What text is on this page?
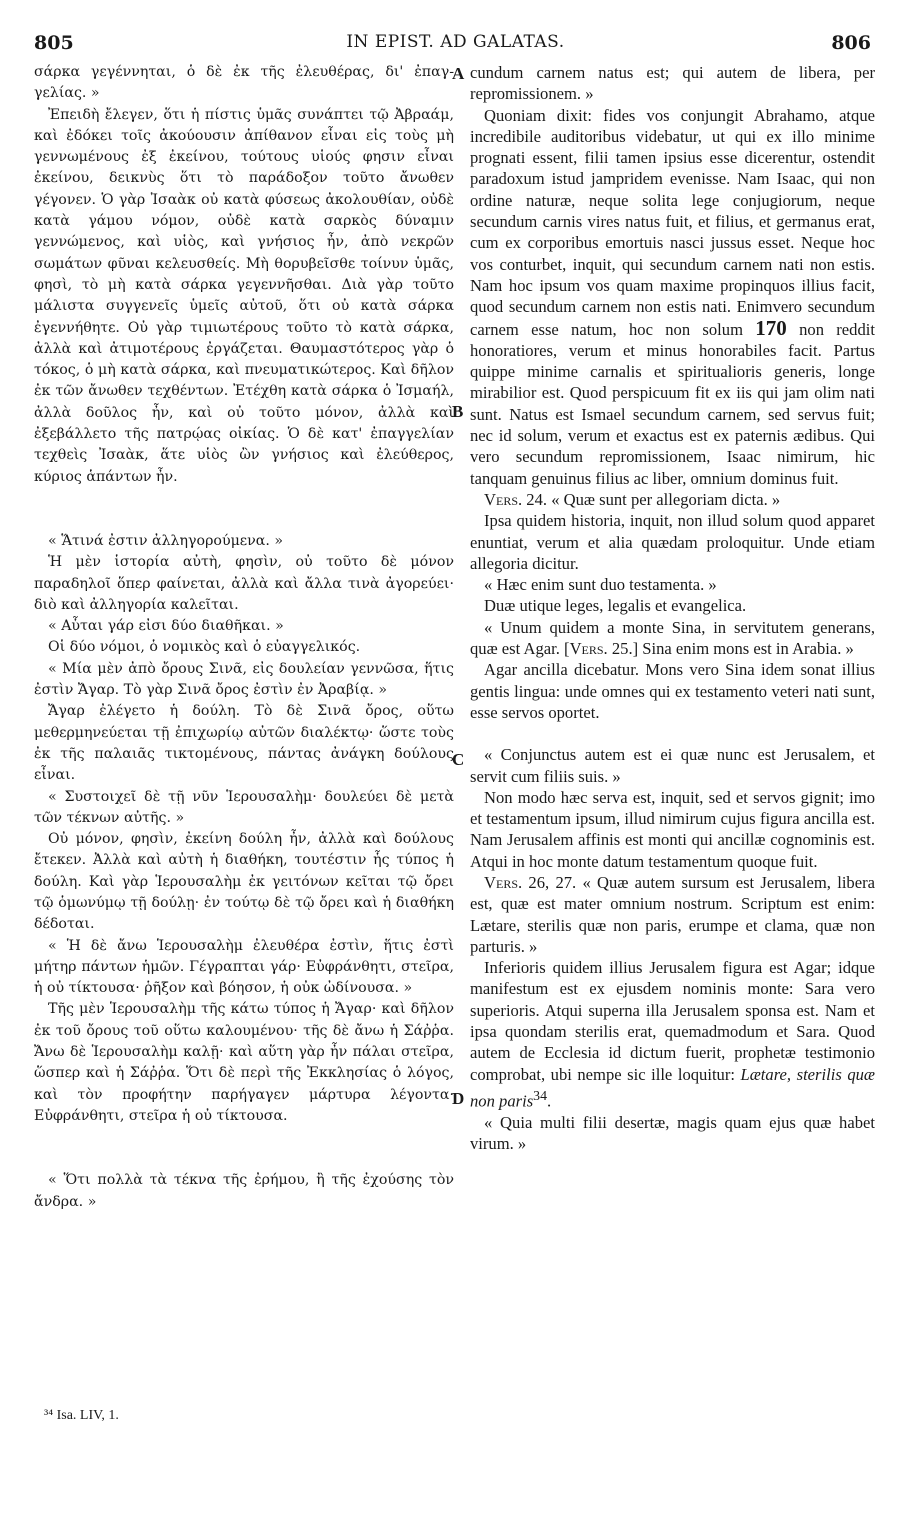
805	IN EPIST. AD GALATAS.	806

σάρκα γεγέννηται, ὁ δὲ ἐκ τῆς ἐλευθέρας, δι' ἐπαγ-γελίας. »

Ἐπειδὴ ἔλεγεν, ὅτι ἡ πίστις ὑμᾶς συνάπτει τῷ Ἀβραάμ, καὶ ἐδόκει τοῖς ἀκούουσιν ἀπίθανον εἶναι εἰς τοὺς μὴ γεννωμένους ἐξ ἐκείνου, τούτους υἱούς φησιν εἶναι ἐκείνου, δεικνὺς ὅτι τὸ παράδοξον τοῦτο ἄνωθεν γέγονεν. Ὁ γὰρ Ἰσαὰκ οὐ κατὰ φύσεως ἀκολουθίαν, οὐδὲ κατὰ γάμου νόμον, οὐδὲ κατὰ σαρκὸς δύναμιν γεννώμενος, καὶ υἱὸς, καὶ γνήσιος ἦν, ἀπὸ νεκρῶν σωμάτων φῦναι κελευσθείς. Μὴ θορυβεῖσθε τοίνυν ὑμᾶς, φησὶ, τὸ μὴ κατὰ σάρκα γεγεννῆσθαι. Διὰ γὰρ τοῦτο μάλιστα συγγενεῖς ὑμεῖς αὐτοῦ, ὅτι οὐ κατὰ σάρκα ἐγεννήθητε. Οὐ γὰρ τιμιωτέρους τοῦτο τὸ κατὰ σάρκα, ἀλλὰ καὶ ἀτιμοτέρους ἐργάζεται. Θαυμαστότερος γὰρ ὁ τόκος, ὁ μὴ κατὰ σάρκα, καὶ πνευματικώτερος. Καὶ δῆλον ἐκ τῶν ἄνωθεν τεχθέντων. Ἐτέχθη κατὰ σάρκα ὁ Ἰσμαήλ, ἀλλὰ δοῦλος ἦν, καὶ οὐ τοῦτο μόνον, ἀλλὰ καὶ ἐξεβάλλετο τῆς πατρῴας οἰκίας. Ὁ δὲ κατ' ἐπαγγελίαν τεχθεὶς Ἰσαὰκ, ἅτε υἱὸς ὢν γνήσιος καὶ ἐλεύθερος, κύριος ἁπάντων ἦν.

« Ἅτινά ἐστιν ἀλληγορούμενα. »

Ἡ μὲν ἱστορία αὐτὴ, φησὶν, οὐ τοῦτο δὲ μόνον παραδηλοῖ ὅπερ φαίνεται, ἀλλὰ καὶ ἄλλα τινὰ ἀγορεύει· διὸ καὶ ἀλληγορία καλεῖται.

« Αὗται γάρ εἰσι δύο διαθῆκαι. »

Οἱ δύο νόμοι, ὁ νομικὸς καὶ ὁ εὐαγγελικός.

« Μία μὲν ἀπὸ ὄρους Σινᾶ, εἰς δουλείαν γεννῶσα, ἥτις ἐστὶν Ἄγαρ. Τὸ γὰρ Σινᾶ ὄρος ἐστὶν ἐν Ἀραβίᾳ. »

Ἄγαρ ἐλέγετο ἡ δούλη. Τὸ δὲ Σινᾶ ὄρος, οὕτω μεθερμηνεύεται τῇ ἐπιχωρίῳ αὐτῶν διαλέκτῳ· ὥστε τοὺς ἐκ τῆς παλαιᾶς τικτομένους, πάντας ἀνάγκη δούλους εἶναι.

« Συστοιχεῖ δὲ τῇ νῦν Ἱερουσαλὴμ· δουλεύει δὲ μετὰ τῶν τέκνων αὐτῆς. »

Οὐ μόνον, φησὶν, ἐκείνη δούλη ἦν, ἀλλὰ καὶ δούλους ἔτεκεν. Ἀλλὰ καὶ αὐτὴ ἡ διαθήκη, τουτέστιν ἧς τύπος ἡ δούλη. Καὶ γὰρ Ἱερουσαλὴμ ἐκ γειτόνων κεῖται τῷ ὄρει τῷ ὁμωνύμῳ τῇ δούλῃ· ἐν τούτῳ δὲ τῷ ὄρει καὶ ἡ διαθήκη δέδοται.

« Ἡ δὲ ἄνω Ἱερουσαλὴμ ἐλευθέρα ἐστὶν, ἥτις ἐστὶ μήτηρ πάντων ἡμῶν. Γέγραπται γάρ· Εὐφράνθητι, στεῖρα, ἡ οὐ τίκτουσα· ῥῆξον καὶ βόησον, ἡ οὐκ ὠδίνουσα. »

Τῆς μὲν Ἱερουσαλὴμ τῆς κάτω τύπος ἡ Ἄγαρ· καὶ δῆλον ἐκ τοῦ ὄρους τοῦ οὕτω καλουμένου· τῆς δὲ ἄνω ἡ Σάῤῥα. Ἄνω δὲ Ἱερουσαλὴμ καλῇ· καὶ αὕτη γὰρ ἦν πάλαι στεῖρα, ὥσπερ καὶ ἡ Σάῤῥα. Ὅτι δὲ περὶ τῆς Ἐκκλησίας ὁ λόγος, καὶ τὸν προφήτην παρήγαγεν μάρτυρα λέγοντα· Εὐφράνθητι, στεῖρα ἡ οὐ τίκτουσα.

« Ὅτι πολλὰ τὰ τέκνα τῆς ἐρήμου, ἢ τῆς ἐχούσης τὸν ἄνδρα. »

A
B
C
D

cundum carnem natus est; qui autem de libera, per repromissionem. »

Quoniam dixit: fides vos conjungit Abrahamo, atque incredibile auditoribus videbatur, ut qui ex illo minime prognati essent, filii tamen ipsius esse dicerentur, ostendit paradoxum istud jampridem evenisse. Nam Isaac, qui non ordine naturæ, neque solita lege conjugiorum, neque secundum carnis vires natus fuit, et filius, et germanus erat, cum ex corporibus emortuis nasci jussus esset. Neque hoc vos conturbet, inquit, qui secundum carnem nati non estis. Nam hoc ipsum vos quam maxime propinquos illius facit, quod secundum carnem non estis nati. Enimvero secundum carnem esse natum, hoc non solum 170 non reddit honoratiores, verum et minus honorabiles facit. Partus quippe minime carnalis et spiritualioris generis, longe mirabilior est. Quod perspicuum fit ex iis qui jam olim nati sunt. Natus est Ismael secundum carnem, sed servus fuit; nec id solum, verum et exactus est ex paternis ædibus. Qui vero secundum repromissionem, Isaac nimirum, hic tanquam genuinus filius ac liber, omnium dominus fuit.

Vers. 24. « Quæ sunt per allegoriam dicta. »

Ipsa quidem historia, inquit, non illud solum quod apparet enuntiat, verum et alia quædam proloquitur. Unde etiam allegoria dicitur.

« Hæc enim sunt duo testamenta. »

Duæ utique leges, legalis et evangelica.

« Unum quidem a monte Sina, in servitutem generans, quæ est Agar. [Vers. 25.] Sina enim mons est in Arabia. »

Agar ancilla dicebatur. Mons vero Sina idem sonat illius gentis lingua: unde omnes qui ex testamento veteri nati sunt, esse servos oportet.

« Conjunctus autem est ei quæ nunc est Jerusalem, et servit cum filiis suis. »

Non modo hæc serva est, inquit, sed et servos gignit; imo et testamentum ipsum, illud nimirum cujus figura ancilla est. Nam Jerusalem affinis est monti qui ancillæ cognominis est. Atqui in hoc monte datum testamentum quoque fuit.

Vers. 26, 27. « Quæ autem sursum est Jerusalem, libera est, quæ est mater omnium nostrum. Scriptum est enim: Lætare, sterilis quæ non paris, erumpe et clama, quæ non parturis. »

Inferioris quidem illius Jerusalem figura est Agar; idque manifestum est ex ejusdem nominis monte: Sara vero superioris. Atqui superna illa Jerusalem sponsa est. Nam et ipsa quondam sterilis erat, quemadmodum et Sara. Quod autem de Ecclesia id dictum fuerit, prophetæ testimonio comprobat, ubi nempe sic ille loquitur: Lætare, sterilis quæ non paris$^{34}$.

« Quia multi filii desertæ, magis quam ejus quæ habet virum. »

³⁴ Isa. LIV, 1.
